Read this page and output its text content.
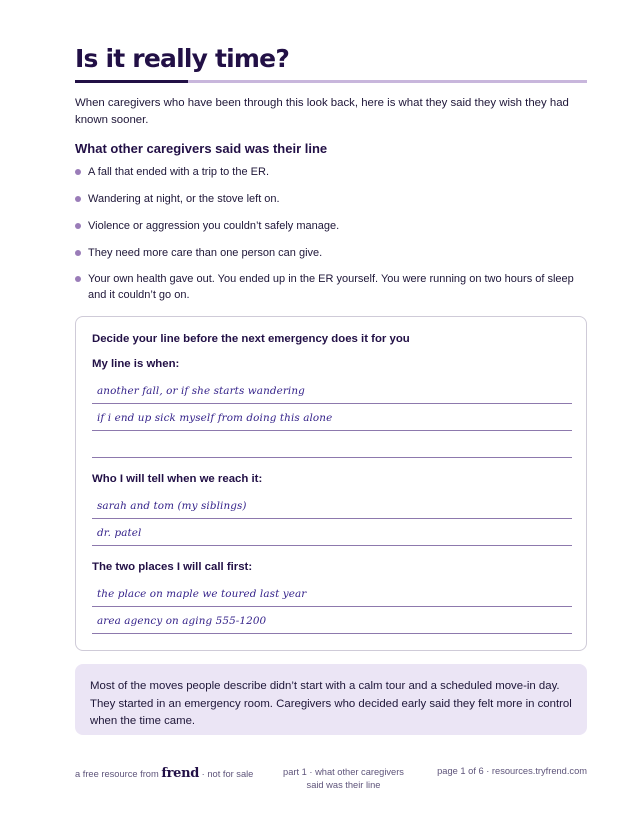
Is it really time?

When caregivers who have been through this look back, here is what they said they wish they had known sooner.

What other caregivers said was their line
A fall that ended with a trip to the ER.
Wandering at night, or the stove left on.
Violence or aggression you couldn’t safely manage.
They need more care than one person can give.
Your own health gave out. You ended up in the ER yourself. You were running on two hours of sleep and it couldn’t go on.
Decide your line before the next emergency does it for you
My line is when:
another fall, or if she starts wandering
if i end up sick myself from doing this alone
Who I will tell when we reach it:
sarah and tom (my siblings)
dr. patel
The two places I will call first:
the place on maple we toured last year
area agency on aging 555-1200

Most of the moves people describe didn’t start with a calm tour and a scheduled move-in day. They started in an emergency room. Caregivers who decided early said they felt more in control when the time came.

a free resource from frend · not for sale	part 1 · what other caregivers said was their line
page 1 of 6 · resources.tryfrend.com
